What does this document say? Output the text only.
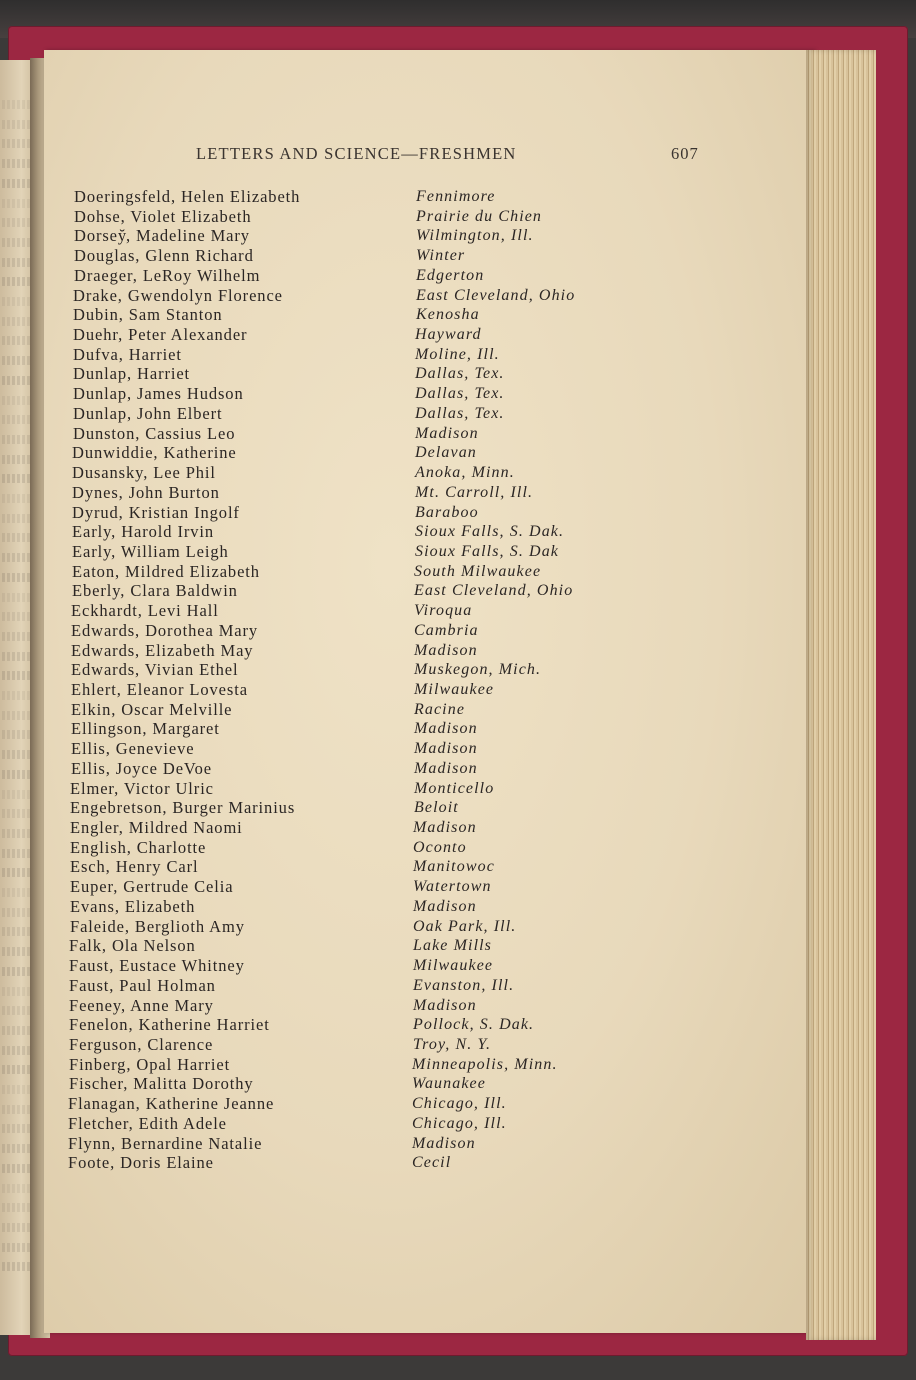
LETTERS AND SCIENCE—FRESHMEN	607
Doeringsfeld, Helen Elizabeth	Fennimore
Dohse, Violet Elizabeth	Prairie du Chien
Dorsey̆, Madeline Mary	Wilmington, Ill.
Douglas, Glenn Richard	Winter
Draeger, LeRoy Wilhelm	Edgerton
Drake, Gwendolyn Florence	East Cleveland, Ohio
Dubin, Sam Stanton	Kenosha
Duehr, Peter Alexander	Hayward
Dufva, Harriet	Moline, Ill.
Dunlap, Harriet	Dallas, Tex.
Dunlap, James Hudson	Dallas, Tex.
Dunlap, John Elbert	Dallas, Tex.
Dunston, Cassius Leo	Madison
Dunwiddie, Katherine	Delavan
Dusansky, Lee Phil	Anoka, Minn.
Dynes, John Burton	Mt. Carroll, Ill.
Dyrud, Kristian Ingolf	Baraboo
Early, Harold Irvin	Sioux Falls, S. Dak.
Early, William Leigh	Sioux Falls, S. Dak
Eaton, Mildred Elizabeth	South Milwaukee
Eberly, Clara Baldwin	East Cleveland, Ohio
Eckhardt, Levi Hall	Viroqua
Edwards, Dorothea Mary	Cambria
Edwards, Elizabeth May	Madison
Edwards, Vivian Ethel	Muskegon, Mich.
Ehlert, Eleanor Lovesta	Milwaukee
Elkin, Oscar Melville	Racine
Ellingson, Margaret	Madison
Ellis, Genevieve	Madison
Ellis, Joyce DeVoe	Madison
Elmer, Victor Ulric	Monticello
Engebretson, Burger Marinius	Beloit
Engler, Mildred Naomi	Madison
English, Charlotte	Oconto
Esch, Henry Carl	Manitowoc
Euper, Gertrude Celia	Watertown
Evans, Elizabeth	Madison
Faleide, Berglioth Amy	Oak Park, Ill.
Falk, Ola Nelson	Lake Mills
Faust, Eustace Whitney	Milwaukee
Faust, Paul Holman	Evanston, Ill.
Feeney, Anne Mary	Madison
Fenelon, Katherine Harriet	Pollock, S. Dak.
Ferguson, Clarence	Troy, N. Y.
Finberg, Opal Harriet	Minneapolis, Minn.
Fischer, Malitta Dorothy	Waunakee
Flanagan, Katherine Jeanne	Chicago, Ill.
Fletcher, Edith Adele	Chicago, Ill.
Flynn, Bernardine Natalie	Madison
Foote, Doris Elaine	Cecil
